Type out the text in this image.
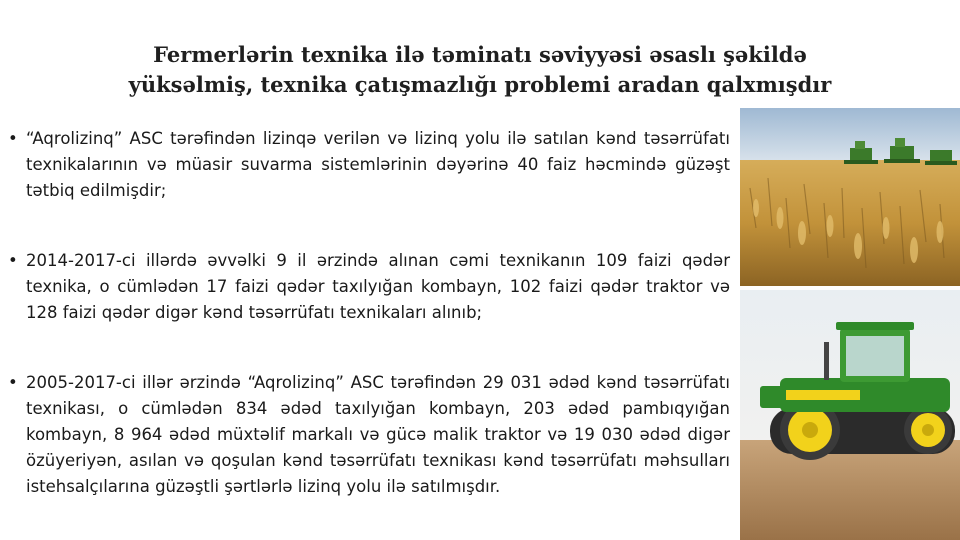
Fermerlərin texnika ilə təminatı səviyyəsi əsaslı şəkildə
yüksəlmiş, texnika çatışmazlığı problemi aradan qalxmışdır
• “Aqrolizinq” ASC tərəfindən lizinqə verilən və lizinq yolu ilə satılan kənd təsərrüfatı texnikalarının və müasir suvarma sistemlərinin dəyərinə 40 faiz həcmində güzəşt tətbiq edilmişdir;
• 2014-2017-ci illərdə əvvəlki 9 il ərzində alınan cəmi texnikanın 109 faizi qədər texnika, o cümlədən 17 faizi qədər taxılyığan kombayn, 102 faizi qədər traktor və 128 faizi qədər digər kənd təsərrüfatı texnikaları alınıb;
• 2005-2017-ci illər ərzində “Aqrolizinq” ASC tərəfindən 29 031 ədəd kənd təsərrüfatı texnikası, o cümlədən 834 ədəd taxılyığan kombayn, 203 ədəd pambıqyığan kombayn, 8 964 ədəd müxtəlif markalı və gücə malik traktor və 19 030 ədəd digər özüyeriyən, asılan və qoşulan kənd təsərrüfatı texnikası kənd təsərrüfatı məhsulları istehsalçılarına güzəştli şərtlərlə lizinq yolu ilə satılmışdır.
